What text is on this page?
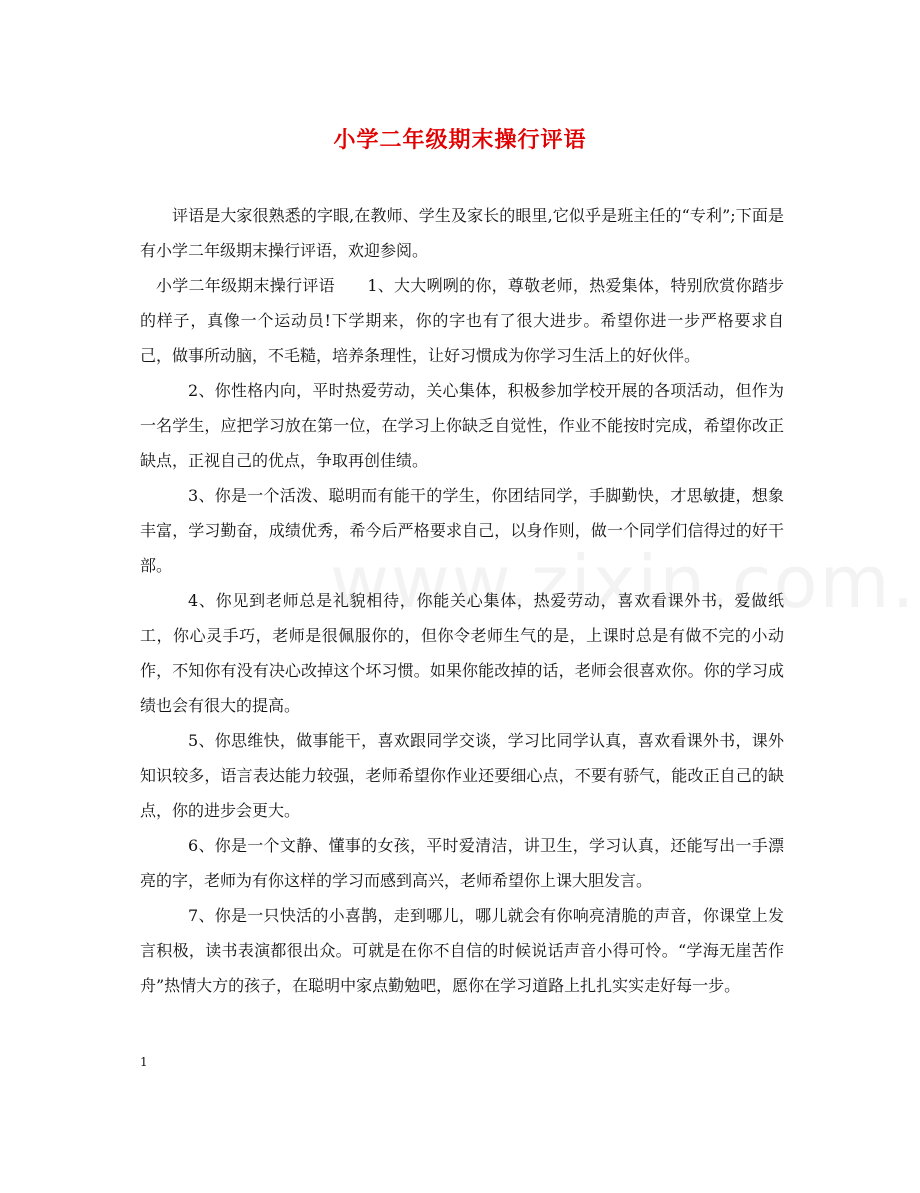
小学二年级期末操行评语

评语是大家很熟悉的字眼,在教师、学生及家长的眼里,它似乎是班主任的“专利”;下面是有小学二年级期末操行评语，欢迎参阅。

小学二年级期末操行评语　　1、大大咧咧的你，尊敬老师，热爱集体，特别欣赏你踏步的样子，真像一个运动员!下学期来，你的字也有了很大进步。希望你进一步严格要求自己，做事所动脑，不毛糙，培养条理性，让好习惯成为你学习生活上的好伙伴。

2、你性格内向，平时热爱劳动，关心集体，积极参加学校开展的各项活动，但作为一名学生，应把学习放在第一位，在学习上你缺乏自觉性，作业不能按时完成，希望你改正缺点，正视自己的优点，争取再创佳绩。

3、你是一个活泼、聪明而有能干的学生，你团结同学，手脚勤快，才思敏捷，想象丰富，学习勤奋，成绩优秀，希今后严格要求自己，以身作则，做一个同学们信得过的好干部。

4、你见到老师总是礼貌相待，你能关心集体，热爱劳动，喜欢看课外书，爱做纸工，你心灵手巧，老师是很佩服你的，但你令老师生气的是，上课时总是有做不完的小动作，不知你有没有决心改掉这个坏习惯。如果你能改掉的话，老师会很喜欢你。你的学习成绩也会有很大的提高。

5、你思维快，做事能干，喜欢跟同学交谈，学习比同学认真，喜欢看课外书，课外知识较多，语言表达能力较强，老师希望你作业还要细心点，不要有骄气，能改正自己的缺点，你的进步会更大。

6、你是一个文静、懂事的女孩，平时爱清洁，讲卫生，学习认真，还能写出一手漂亮的字，老师为有你这样的学习而感到高兴，老师希望你上课大胆发言。

7、你是一只快活的小喜鹊，走到哪儿，哪儿就会有你响亮清脆的声音，你课堂上发言积极，读书表演都很出众。可就是在你不自信的时候说话声音小得可怜。“学海无崖苦作舟”热情大方的孩子，在聪明中家点勤勉吧，愿你在学习道路上扎扎实实走好每一步。

1
